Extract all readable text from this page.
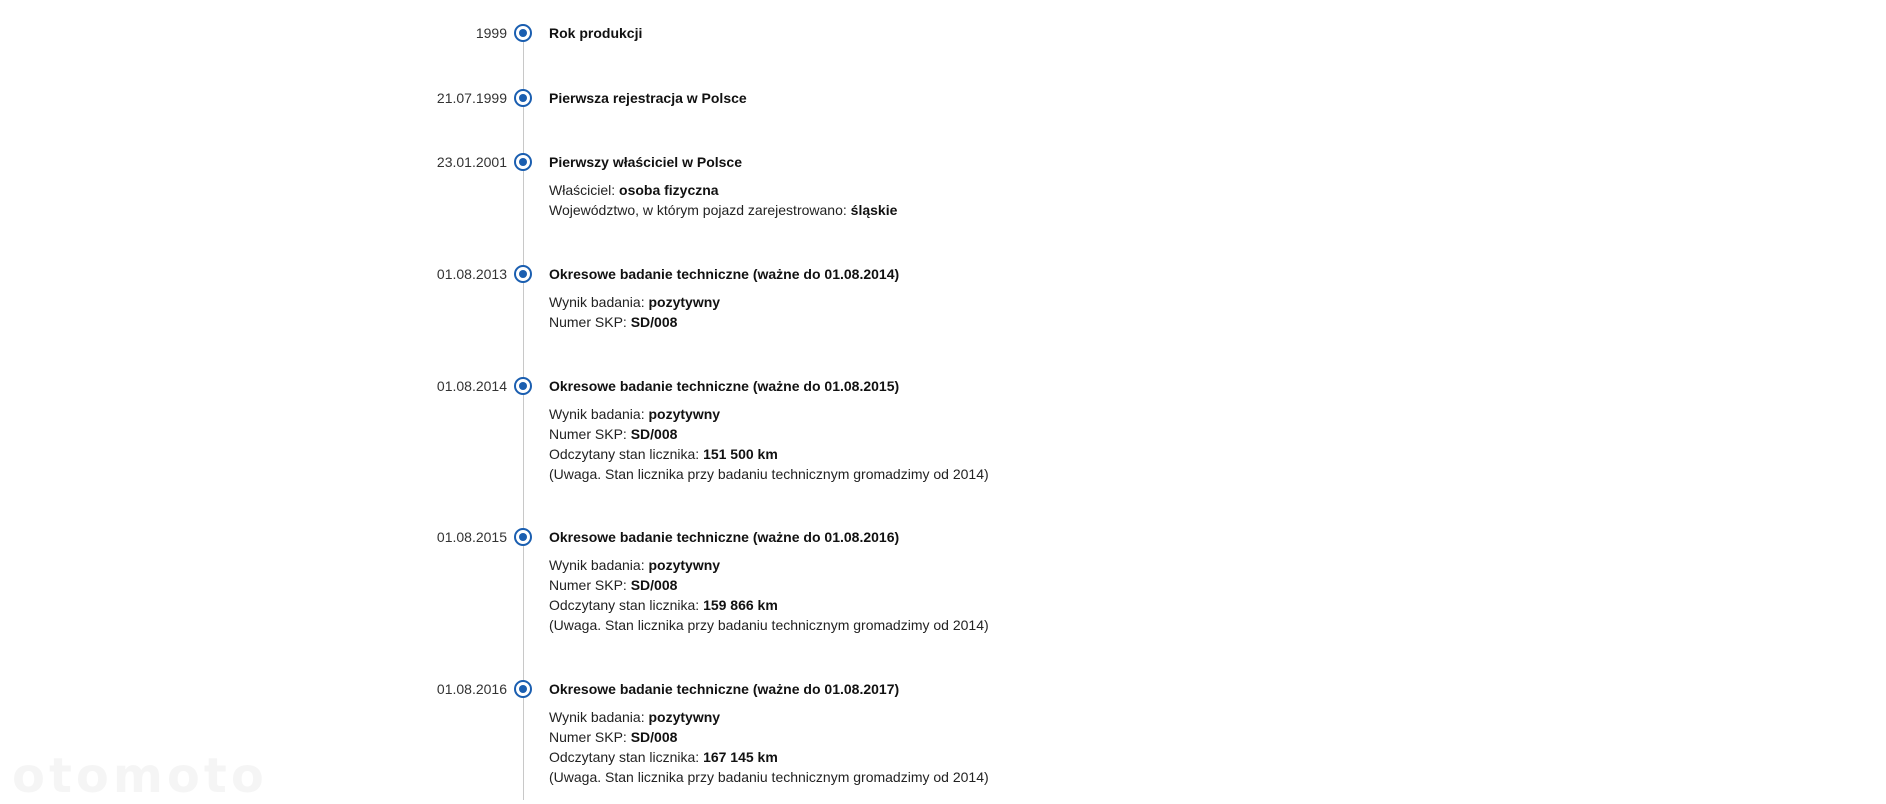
1999	Rok produkcji
21.07.1999	Pierwsza rejestracja w Polsce
23.01.2001	Pierwszy właściciel w Polsce
Właściciel: osoba fizyczna
Województwo, w którym pojazd zarejestrowano: śląskie
01.08.2013	Okresowe badanie techniczne (ważne do 01.08.2014)
Wynik badania: pozytywny
Numer SKP: SD/008
01.08.2014	Okresowe badanie techniczne (ważne do 01.08.2015)
Wynik badania: pozytywny
Numer SKP: SD/008
Odczytany stan licznika: 151 500 km
(Uwaga. Stan licznika przy badaniu technicznym gromadzimy od 2014)
01.08.2015	Okresowe badanie techniczne (ważne do 01.08.2016)
Wynik badania: pozytywny
Numer SKP: SD/008
Odczytany stan licznika: 159 866 km
(Uwaga. Stan licznika przy badaniu technicznym gromadzimy od 2014)
01.08.2016	Okresowe badanie techniczne (ważne do 01.08.2017)
Wynik badania: pozytywny
Numer SKP: SD/008
Odczytany stan licznika: 167 145 km
(Uwaga. Stan licznika przy badaniu technicznym gromadzimy od 2014)
